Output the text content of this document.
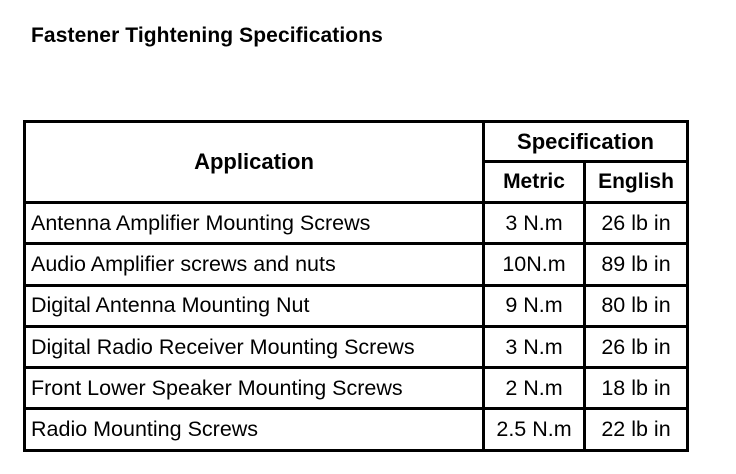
Fastener Tightening Specifications
Application	Specification	
	Metric	English
Antenna Amplifier Mounting Screws	3 N.m	26 lb in
Audio Amplifier screws and nuts	10N.m	89 lb in
Digital Antenna Mounting Nut	9 N.m	80 lb in
Digital Radio Receiver Mounting Screws	3 N.m	26 lb in
Front Lower Speaker Mounting Screws	2 N.m	18 lb in
Radio Mounting Screws	2.5 N.m	22 lb in
